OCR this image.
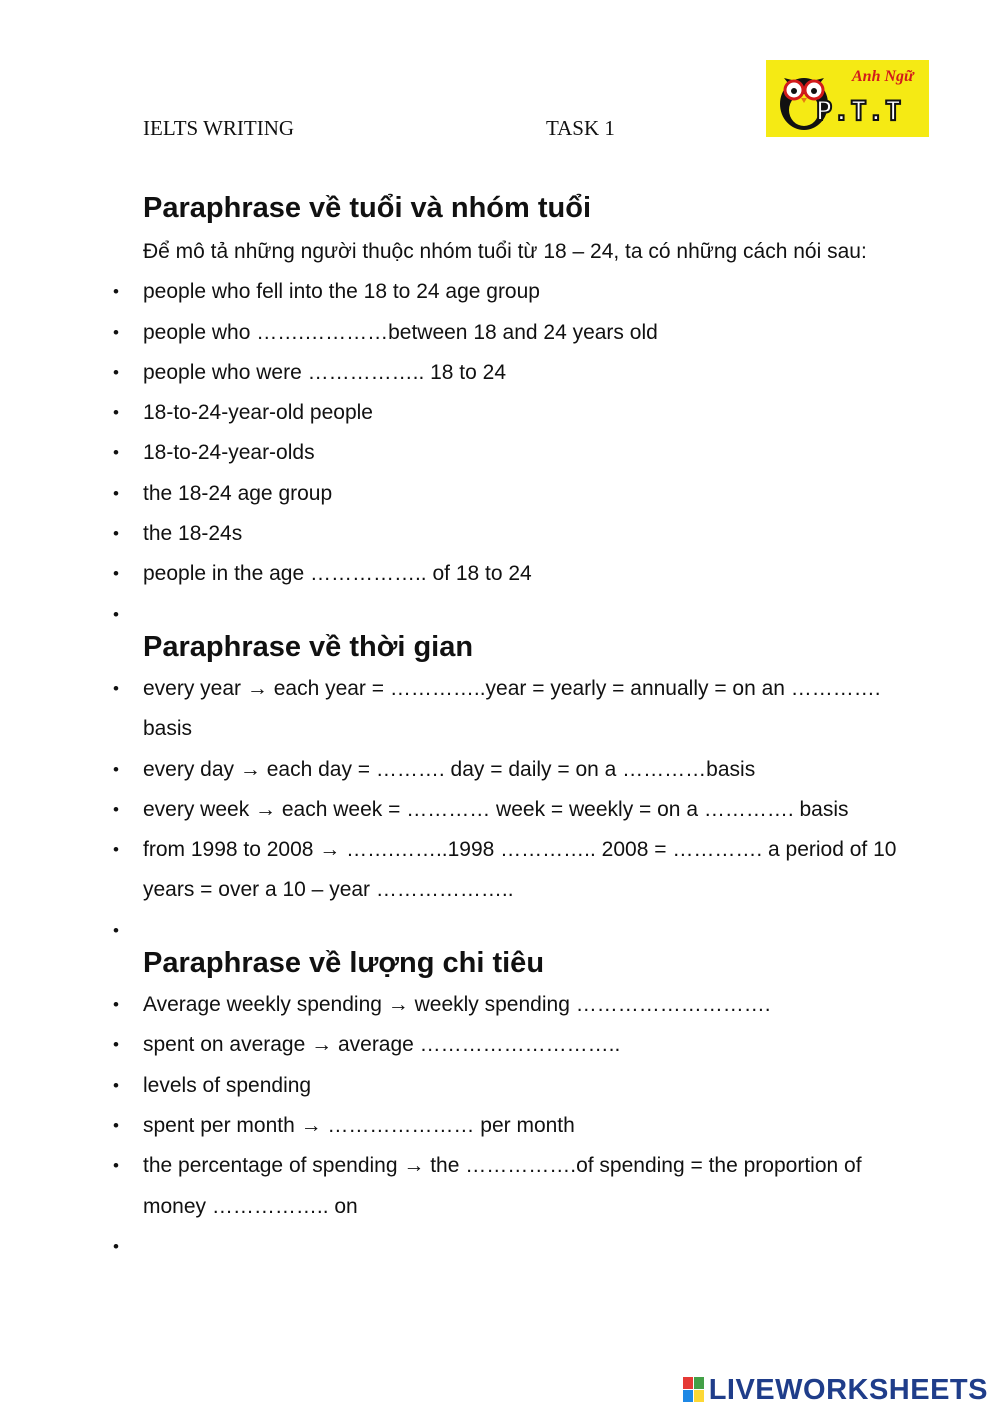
IELTS WRITING	TASK 1
Anh Ngữ
P.T.T
Paraphrase về tuổi và nhóm tuổi

Để mô tả những người thuộc nhóm tuổi từ 18 – 24, ta có những cách nói sau:

• people who fell into the 18 to 24 age group
• people who …….…………between 18 and 24 years old
• people who were …………….. 18 to 24
• 18-to-24-year-old people
• 18-to-24-year-olds
• the 18-24 age group
• the 18-24s
• people in the age …………….. of 18 to 24
•
Paraphrase về thời gian
• every year → each year = …………..year = yearly = annually = on an …………. basis
• every day → each day = ………. day = daily = on a …………basis
• every week → each week = ………… week = weekly = on a …………. basis
• from 1998 to 2008 → …….……..1998 ………….. 2008 = …………. a period of 10 years = over a 10 – year ………………..
•
Paraphrase về lượng chi tiêu
• Average weekly spending → weekly spending ……………………….
• spent on average → average ………………………..
• levels of spending
• spent per month → ………………… per month
• the percentage of spending → the …………….of spending = the proportion of money …………….. on
•
LIVEWORKSHEETS
